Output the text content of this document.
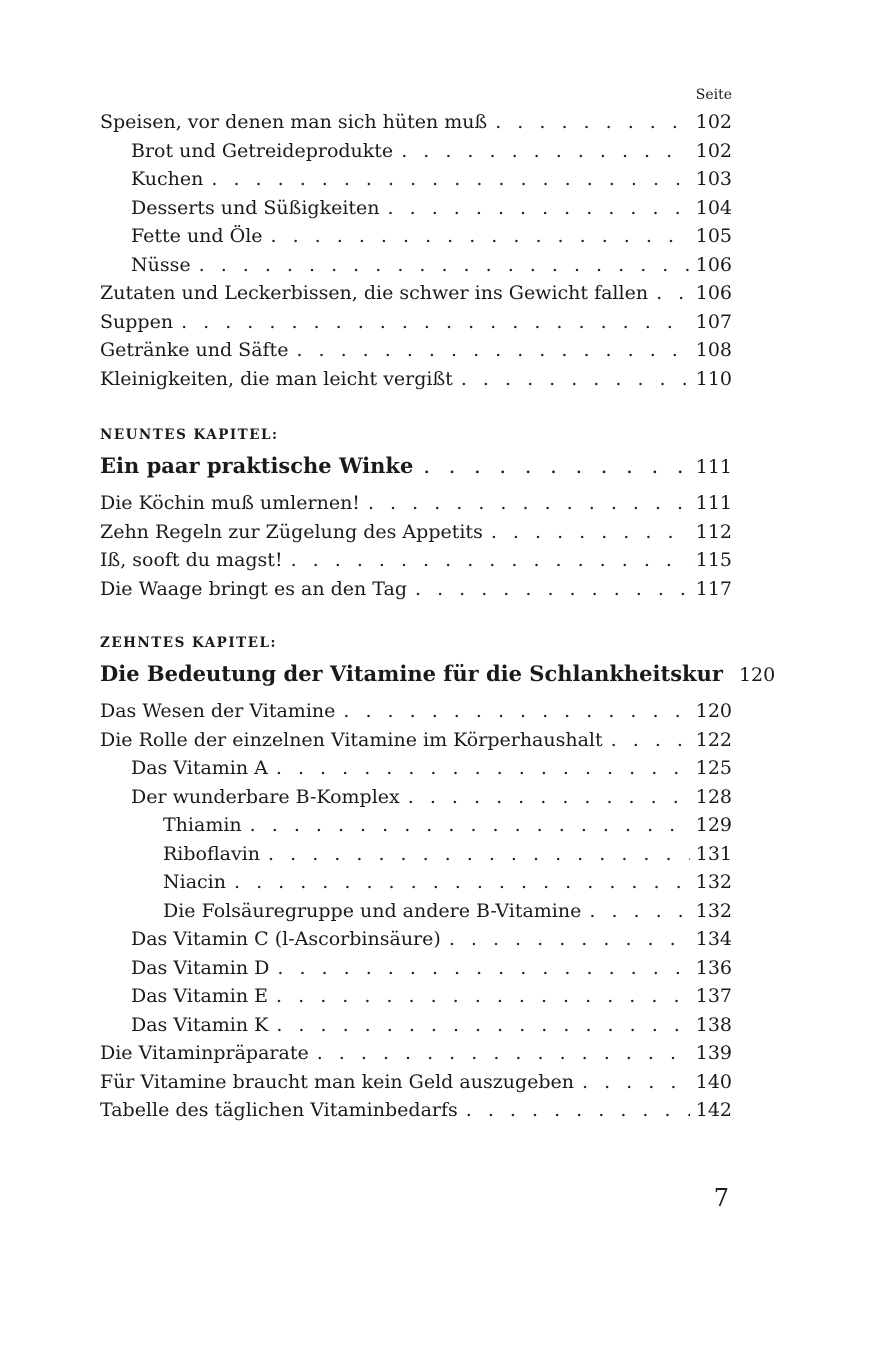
Seite
Speisen, vor denen man sich hüten muß . . .	102
Brot und Getreideprodukte . . .	102
Kuchen . . .	103
Desserts und Süßigkeiten . . .	104
Fette und Öle . . .	105
Nüsse . . .	106
Zutaten und Leckerbissen, die schwer ins Gewicht fallen . . .	106
Suppen . . .	107
Getränke und Säfte . . .	108
Kleinigkeiten, die man leicht vergißt . . .	110
NEUNTES KAPITEL:
Ein paar praktische Winke . . .	111
Die Köchin muß umlernen! . . .	111
Zehn Regeln zur Zügelung des Appetits . . .	112
Iß, sooft du magst! . . .	115
Die Waage bringt es an den Tag . . .	117
ZEHNTES KAPITEL:
Die Bedeutung der Vitamine für die Schlankheitskur 120
Das Wesen der Vitamine . . .	120
Die Rolle der einzelnen Vitamine im Körperhaushalt . . .	122
Das Vitamin A . . .	125
Der wunderbare B-Komplex . . .	128
Thiamin . . .	129
Riboflavin . . .	131
Niacin . . .	132
Die Folsäuregruppe und andere B-Vitamine . . .	132
Das Vitamin C (l-Ascorbinsäure) . . .	134
Das Vitamin D . . .	136
Das Vitamin E . . .	137
Das Vitamin K . . .	138
Die Vitaminpräparate . . .	139
Für Vitamine braucht man kein Geld auszugeben . . .	140
Tabelle des täglichen Vitaminbedarfs . . .	142
7
